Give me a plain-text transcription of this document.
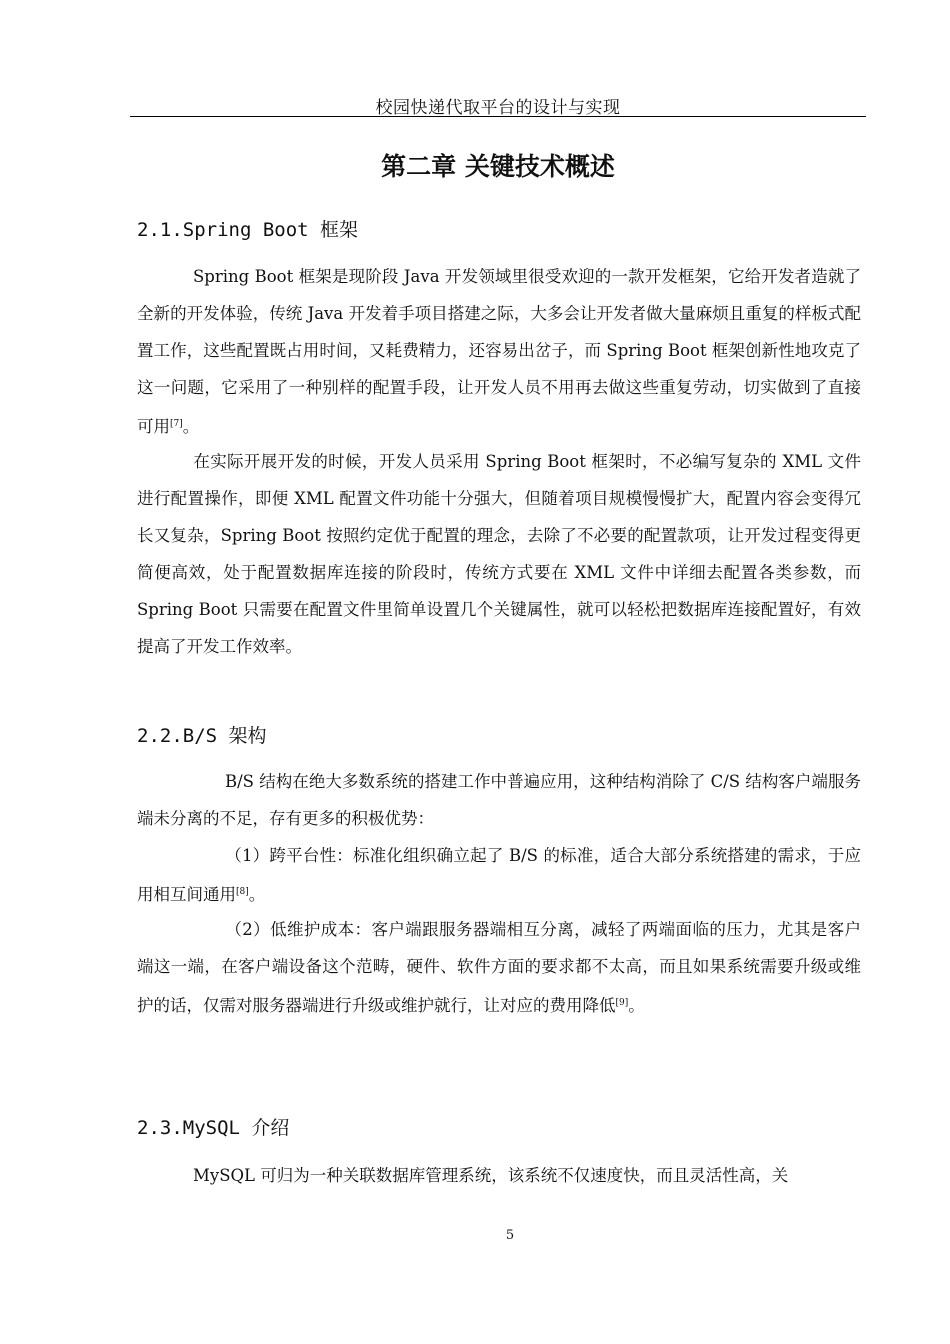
校园快递代取平台的设计与实现
第二章 关键技术概述
2.1.Spring Boot 框架

Spring Boot 框架是现阶段 Java 开发领域里很受欢迎的一款开发框架，它给开发者造就了全新的开发体验，传统 Java 开发着手项目搭建之际，大多会让开发者做大量麻烦且重复的样板式配置工作，这些配置既占用时间，又耗费精力，还容易出岔子，而 Spring Boot 框架创新性地攻克了这一问题，它采用了一种别样的配置手段，让开发人员不用再去做这些重复劳动，切实做到了直接可用[7]。

在实际开展开发的时候，开发人员采用 Spring Boot 框架时，不必编写复杂的 XML 文件进行配置操作，即便 XML 配置文件功能十分强大，但随着项目规模慢慢扩大，配置内容会变得冗长又复杂，Spring Boot 按照约定优于配置的理念，去除了不必要的配置款项，让开发过程变得更简便高效，处于配置数据库连接的阶段时，传统方式要在 XML 文件中详细去配置各类参数，而 Spring Boot 只需要在配置文件里简单设置几个关键属性，就可以轻松把数据库连接配置好，有效提高了开发工作效率。

2.2.B/S 架构

B/S 结构在绝大多数系统的搭建工作中普遍应用，这种结构消除了 C/S 结构客户端服务端未分离的不足，存有更多的积极优势：

（1）跨平台性：标准化组织确立起了 B/S 的标准，适合大部分系统搭建的需求，于应用相互间通用[8]。

（2）低维护成本：客户端跟服务器端相互分离，减轻了两端面临的压力，尤其是客户端这一端，在客户端设备这个范畴，硬件、软件方面的要求都不太高，而且如果系统需要升级或维护的话，仅需对服务器端进行升级或维护就行，让对应的费用降低[9]。

2.3.MySQL 介绍

MySQL 可归为一种关联数据库管理系统，该系统不仅速度快，而且灵活性高，关

5
